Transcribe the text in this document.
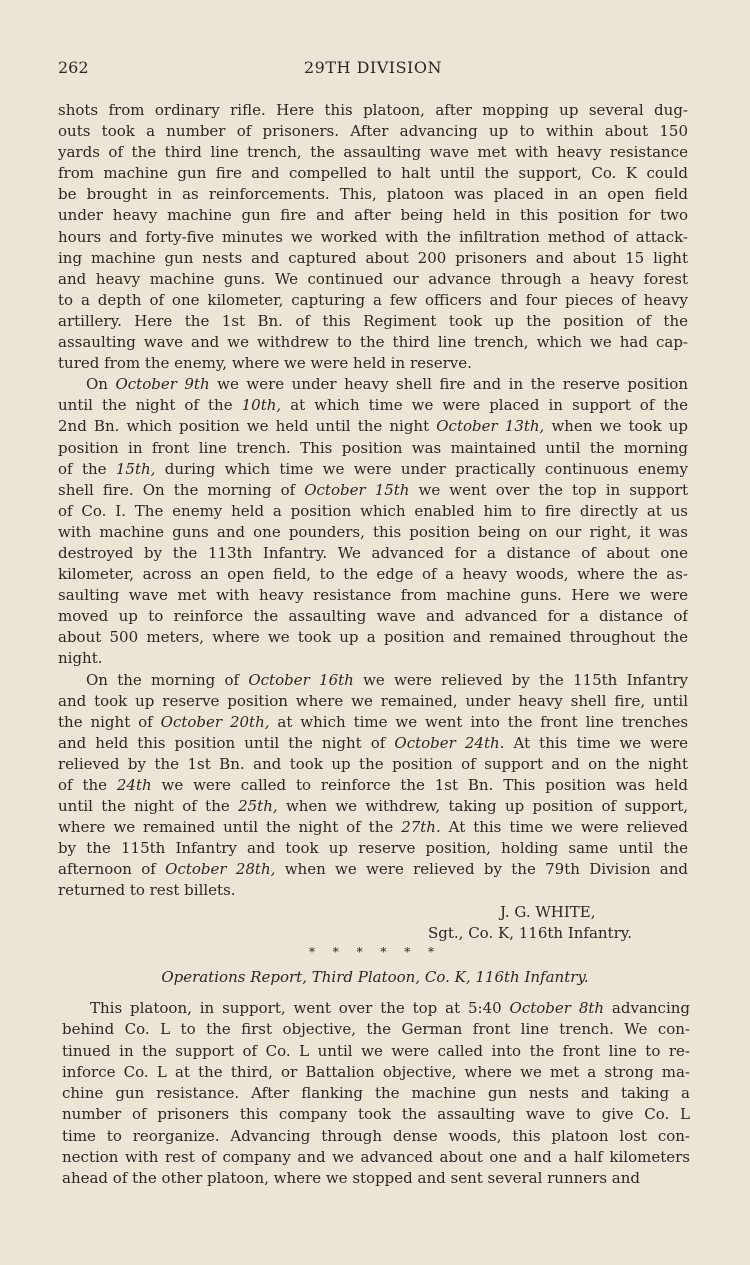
262	29TH DIVISION
shots from ordinary rifle. Here this platoon, after mopping up several dug-
outs took a number of prisoners. After advancing up to within about 150
yards of the third line trench, the assaulting wave met with heavy resistance
from machine gun fire and compelled to halt until the support, Co. K could
be brought in as reinforcements. This, platoon was placed in an open field
under heavy machine gun fire and after being held in this position for two
hours and forty-five minutes we worked with the infiltration method of attack-
ing machine gun nests and captured about 200 prisoners and about 15 light
and heavy machine guns. We continued our advance through a heavy forest
to a depth of one kilometer, capturing a few officers and four pieces of heavy
artillery. Here the 1st Bn. of this Regiment took up the position of the
assaulting wave and we withdrew to the third line trench, which we had cap-
tured from the enemy, where we were held in reserve.
On October 9th we were under heavy shell fire and in the reserve position
until the night of the 10th, at which time we were placed in support of the
2nd Bn. which position we held until the night October 13th, when we took up
position in front line trench. This position was maintained until the morning
of the 15th, during which time we were under practically continuous enemy
shell fire. On the morning of October 15th we went over the top in support
of Co. I. The enemy held a position which enabled him to fire directly at us
with machine guns and one pounders, this position being on our right, it was
destroyed by the 113th Infantry. We advanced for a distance of about one
kilometer, across an open field, to the edge of a heavy woods, where the as-
saulting wave met with heavy resistance from machine guns. Here we were
moved up to reinforce the assaulting wave and advanced for a distance of
about 500 meters, where we took up a position and remained throughout the
night.
On the morning of October 16th we were relieved by the 115th Infantry
and took up reserve position where we remained, under heavy shell fire, until
the night of October 20th, at which time we went into the front line trenches
and held this position until the night of October 24th. At this time we were
relieved by the 1st Bn. and took up the position of support and on the night
of the 24th we were called to reinforce the 1st Bn. This position was held
until the night of the 25th, when we withdrew, taking up position of support,
where we remained until the night of the 27th. At this time we were relieved
by the 115th Infantry and took up reserve position, holding same until the
afternoon of October 28th, when we were relieved by the 79th Division and
returned to rest billets.
J. G. WHITE,
Sgt., Co. K, 116th Infantry.
* * * * * *
Operations Report, Third Platoon, Co. K, 116th Infantry.
This platoon, in support, went over the top at 5:40 October 8th advancing
behind Co. L to the first objective, the German front line trench. We con-
tinued in the support of Co. L until we were called into the front line to re-
inforce Co. L at the third, or Battalion objective, where we met a strong ma-
chine gun resistance. After flanking the machine gun nests and taking a
number of prisoners this company took the assaulting wave to give Co. L
time to reorganize. Advancing through dense woods, this platoon lost con-
nection with rest of company and we advanced about one and a half kilometers
ahead of the other platoon, where we stopped and sent several runners and
